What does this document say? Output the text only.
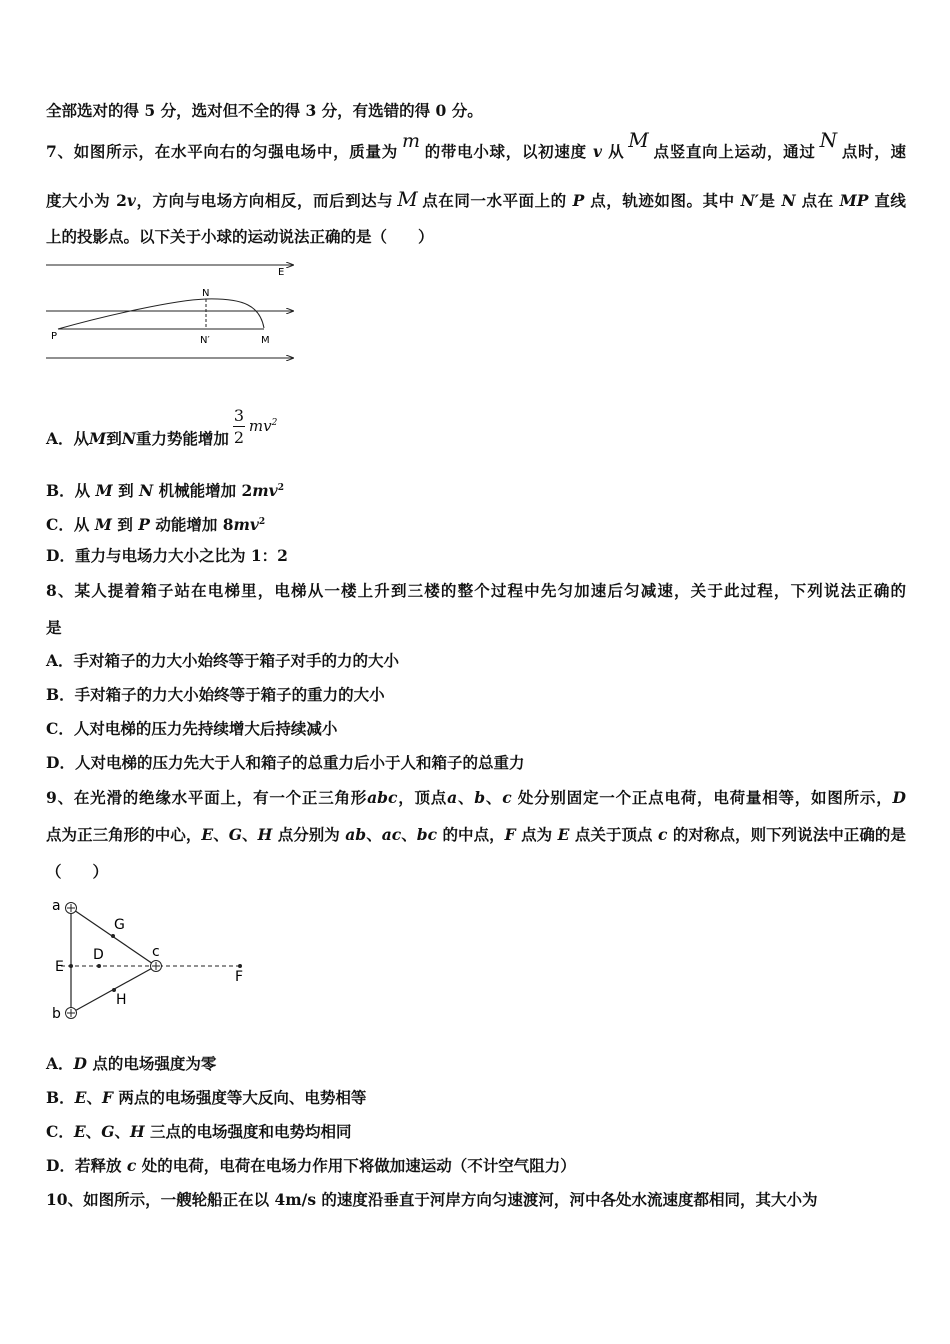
全部选对的得 5 分，选对但不全的得 3 分，有选错的得 0 分。
7、如图所示，在水平向右的匀强电场中，质量为 m 的带电小球，以初速度 v 从 M 点竖直向上运动，通过 N 点时，速
度大小为 2v，方向与电场方向相反，而后到达与 M 点在同一水平面上的 P 点，轨迹如图。其中 N′是 N 点在 MP 直线
上的投影点。以下关于小球的运动说法正确的是（　　）
E
N
P	N′	M
A．从 M 到 N 重力势能增加 $\frac{3}{2} mv^2$
B．从 M 到 N 机械能增加 $2mv^2$
C．从 M 到 P 动能增加 $8mv^2$
D．重力与电场力大小之比为 1：2
8、某人提着箱子站在电梯里，电梯从一楼上升到三楼的整个过程中先匀加速后匀减速，关于此过程，下列说法正确的
是
A．手对箱子的力大小始终等于箱子对手的力的大小
B．手对箱子的力大小始终等于箱子的重力的大小
C．人对电梯的压力先持续增大后持续减小
D．人对电梯的压力先大于人和箱子的总重力后小于人和箱子的总重力
9、在光滑的绝缘水平面上，有一个正三角形abc，顶点a、b、c 处分别固定一个正点电荷，电荷量相等，如图所示，D
点为正三角形的中心，E、G、H 点分别为 ab、ac、bc 的中点，F 点为 E 点关于顶点 c 的对称点，则下列说法中正确的是
（　　）
a
b
c
D
E
F
G
H
A．D 点的电场强度为零
B．E、F 两点的电场强度等大反向、电势相等
C．E、G、H 三点的电场强度和电势均相同
D．若释放 c 处的电荷，电荷在电场力作用下将做加速运动（不计空气阻力）
10、如图所示，一艘轮船正在以 4m/s 的速度沿垂直于河岸方向匀速渡河，河中各处水流速度都相同，其大小为
